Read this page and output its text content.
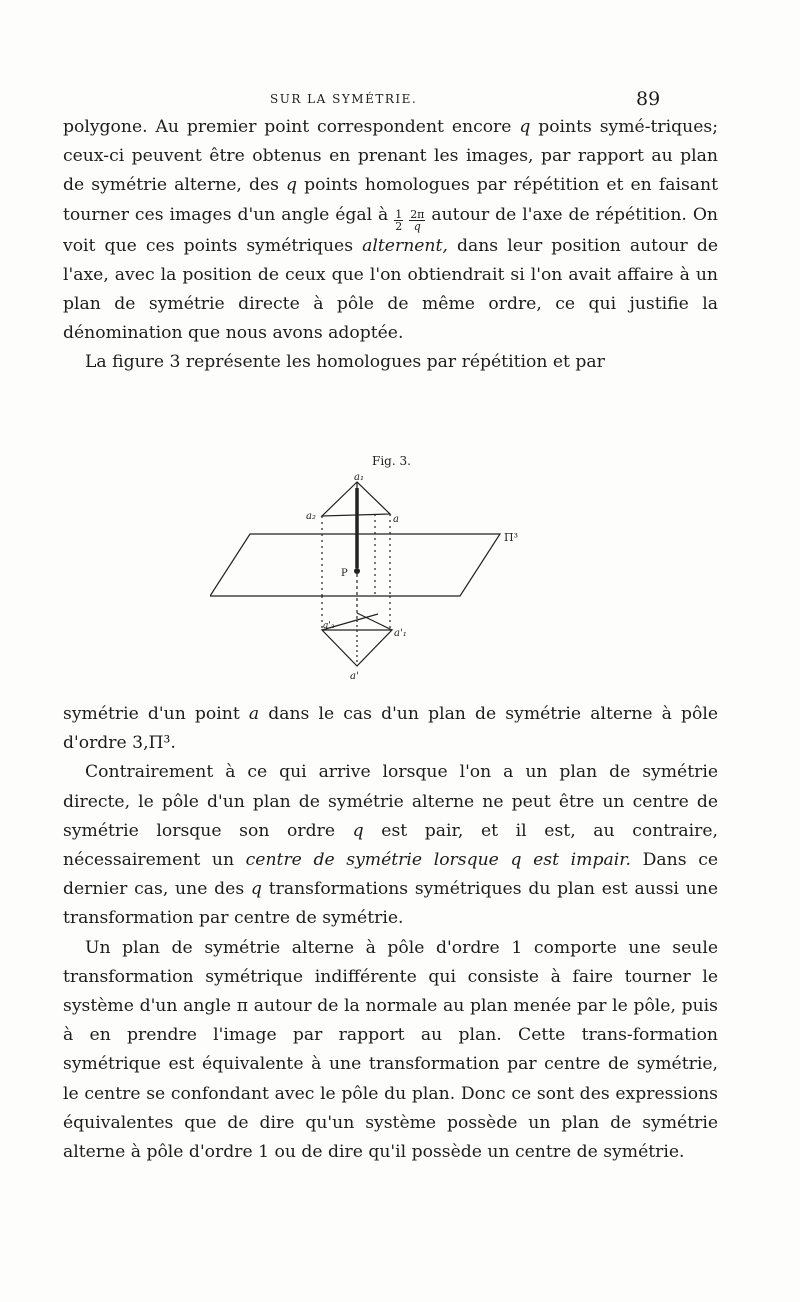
SUR LA SYMÉTRIE.	89

polygone. Au premier point correspondent encore q points symé-triques; ceux-ci peuvent être obtenus en prenant les images, par rapport au plan de symétrie alterne, des q points homologues par répétition et en faisant tourner ces images d'un angle égal à $\frac{1}{2}$
$\frac{2\pi}{q}$ autour de l'axe de répétition. On voit que ces points symétriques alternent, dans leur position autour de l'axe, avec la position de ceux que l'on obtiendrait si l'on avait affaire à un plan de symétrie directe à pôle de même ordre, ce qui justifie la dénomination que nous avons adoptée.

La figure 3 représente les homologues par répétition et par

Fig. 3.
a₁
a₂	a
P
Π³
a'₂
a'₁
a'

symétrie d'un point a dans le cas d'un plan de symétrie alterne à pôle d'ordre 3,Π³.

Contrairement à ce qui arrive lorsque l'on a un plan de symétrie directe, le pôle d'un plan de symétrie alterne ne peut être un centre de symétrie lorsque son ordre q est pair, et il est, au contraire, nécessairement un centre de symétrie lorsque q est impair. Dans ce dernier cas, une des q transformations symétriques du plan est aussi une transformation par centre de symétrie.

Un plan de symétrie alterne à pôle d'ordre 1 comporte une seule transformation symétrique indifférente qui consiste à faire tourner le système d'un angle π autour de la normale au plan menée par le pôle, puis à en prendre l'image par rapport au plan. Cette trans-formation symétrique est équivalente à une transformation par centre de symétrie, le centre se confondant avec le pôle du plan. Donc ce sont des expressions équivalentes que de dire qu'un système possède un plan de symétrie alterne à pôle d'ordre 1 ou de dire qu'il possède un centre de symétrie.
